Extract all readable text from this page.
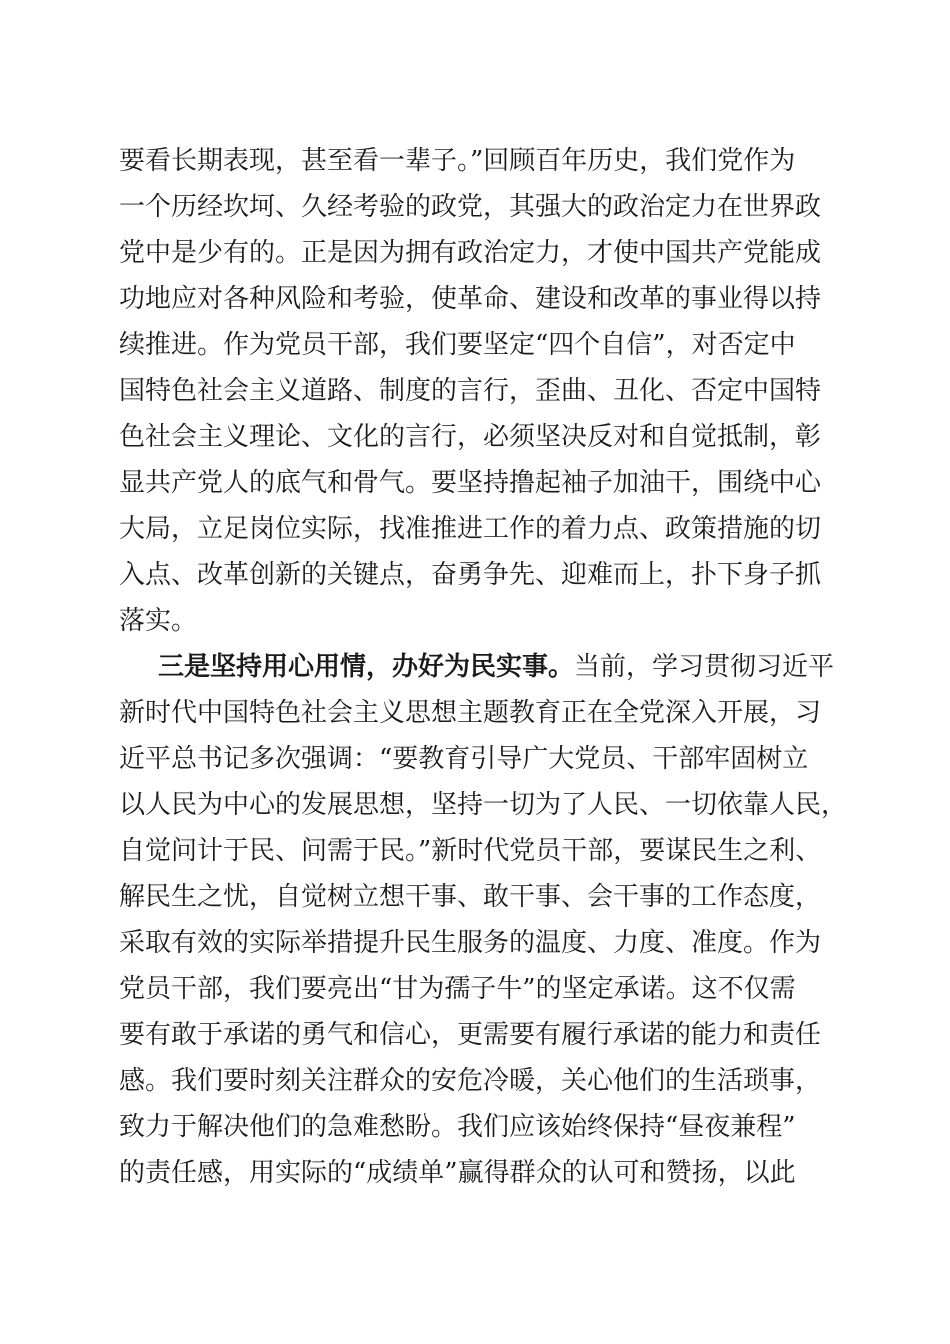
要看长期表现，甚至看一辈子。”回顾百年历史，我们党作为
一个历经坎坷、久经考验的政党，其强大的政治定力在世界政
党中是少有的。正是因为拥有政治定力，才使中国共产党能成
功地应对各种风险和考验，使革命、建设和改革的事业得以持
续推进。作为党员干部，我们要坚定“四个自信”，对否定中
国特色社会主义道路、制度的言行，歪曲、丑化、否定中国特
色社会主义理论、文化的言行，必须坚决反对和自觉抵制，彰
显共产党人的底气和骨气。要坚持撸起袖子加油干，围绕中心
大局，立足岗位实际，找准推进工作的着力点、政策措施的切
入点、改革创新的关键点，奋勇争先、迎难而上，扑下身子抓
落实。
三是坚持用心用情，办好为民实事。当前，学习贯彻习近平
新时代中国特色社会主义思想主题教育正在全党深入开展，习
近平总书记多次强调：“要教育引导广大党员、干部牢固树立
以人民为中心的发展思想，坚持一切为了人民、一切依靠人民，
自觉问计于民、问需于民。”新时代党员干部，要谋民生之利、
解民生之忧，自觉树立想干事、敢干事、会干事的工作态度，
采取有效的实际举措提升民生服务的温度、力度、准度。作为
党员干部，我们要亮出“甘为孺子牛”的坚定承诺。这不仅需
要有敢于承诺的勇气和信心，更需要有履行承诺的能力和责任
感。我们要时刻关注群众的安危冷暖，关心他们的生活琐事，
致力于解决他们的急难愁盼。我们应该始终保持“昼夜兼程”
的责任感，用实际的“成绩单”赢得群众的认可和赞扬，以此
